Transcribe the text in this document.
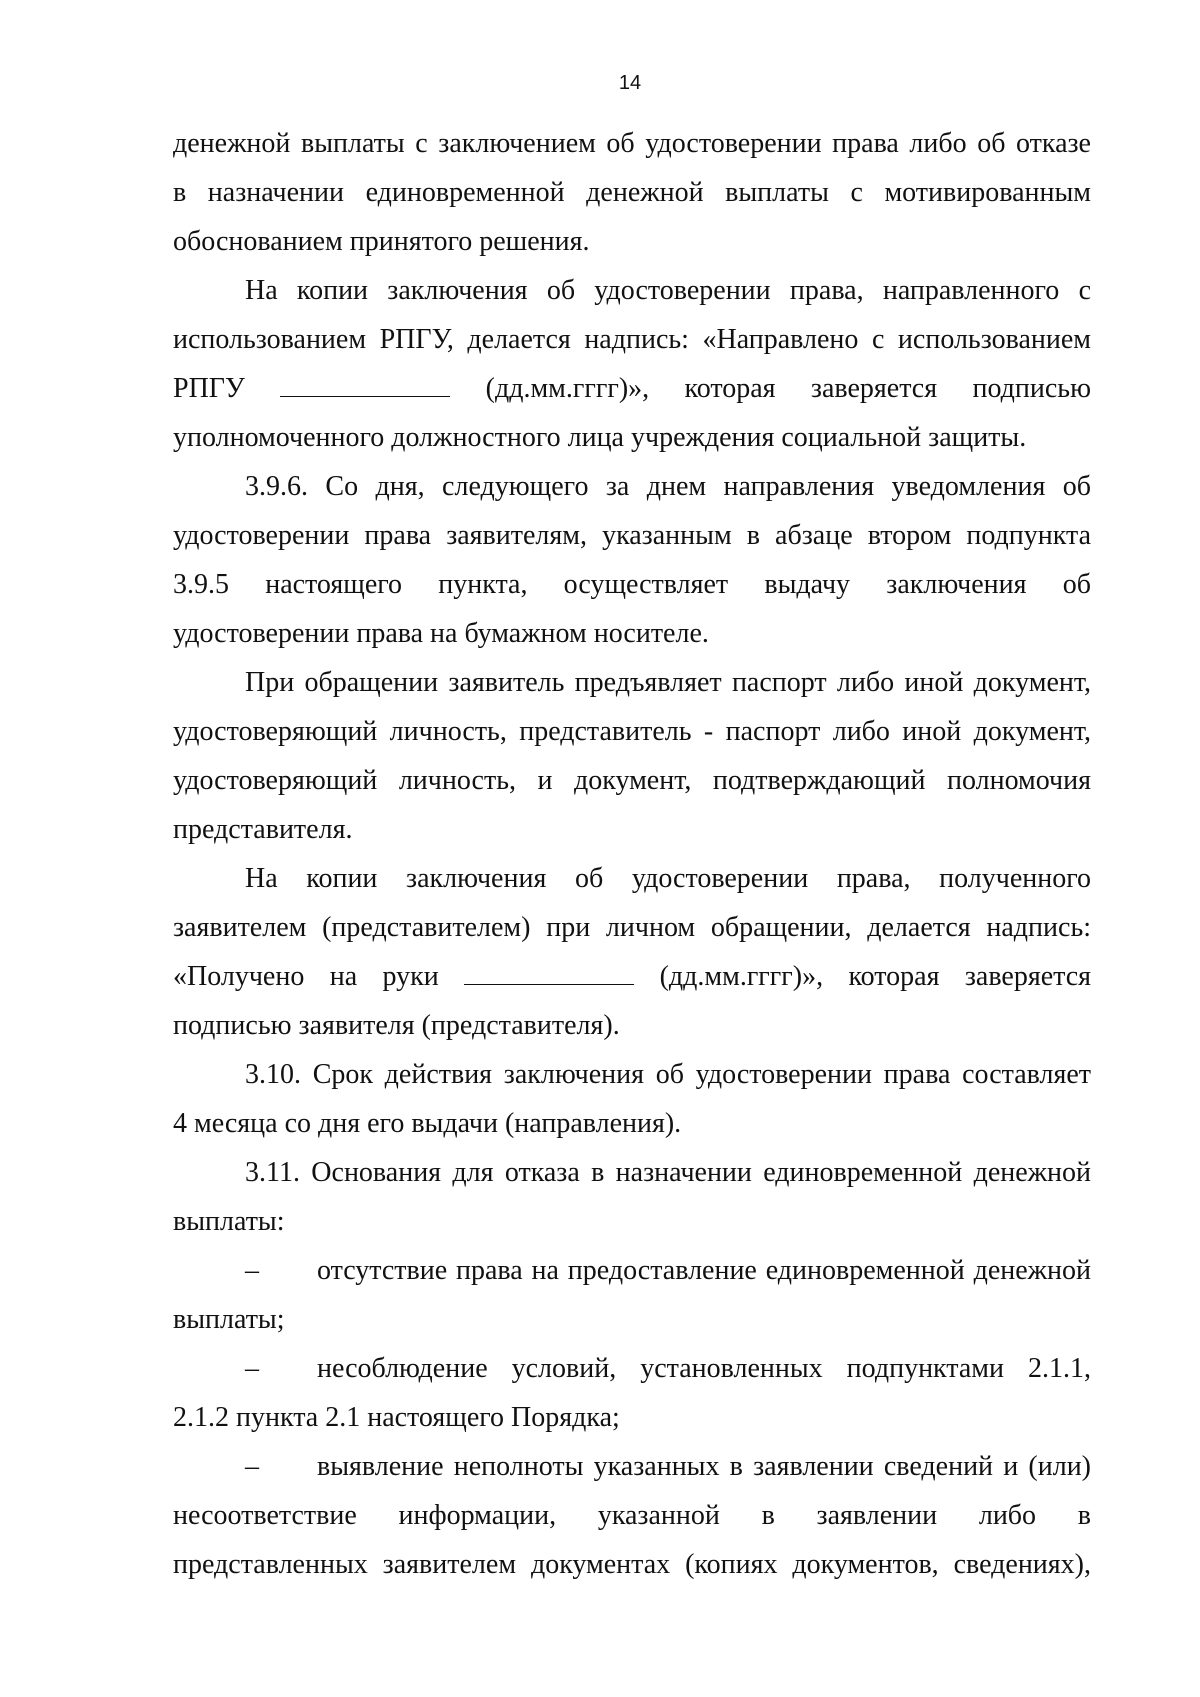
14
денежной выплаты с заключением об удостоверении права либо об отказе
в назначении единовременной денежной выплаты с мотивированным
обоснованием принятого решения.
На копии заключения об удостоверении права, направленного с
использованием РПГУ, делается надпись: «Направлено с использованием
РПГУ	(дд.мм.гггг)», которая заверяется подписью
уполномоченного должностного лица учреждения социальной защиты.
3.9.6. Со дня, следующего за днем направления уведомления об
удостоверении права заявителям, указанным в абзаце втором подпункта
3.9.5 настоящего пункта, осуществляет выдачу заключения об
удостоверении права на бумажном носителе.
При обращении заявитель предъявляет паспорт либо иной документ,
удостоверяющий личность, представитель - паспорт либо иной документ,
удостоверяющий личность, и документ, подтверждающий полномочия
представителя.
На копии заключения об удостоверении права, полученного
заявителем (представителем) при личном обращении, делается надпись:
«Получено на руки	(дд.мм.гггг)», которая заверяется
подписью заявителя (представителя).
3.10. Срок действия заключения об удостоверении права составляет
4 месяца со дня его выдачи (направления).
3.11. Основания для отказа в назначении единовременной денежной
выплаты:
– отсутствие права на предоставление единовременной денежной
выплаты;
– несоблюдение условий, установленных подпунктами 2.1.1,
2.1.2 пункта 2.1 настоящего Порядка;
– выявление неполноты указанных в заявлении сведений и (или)
несоответствие информации, указанной в заявлении либо в
представленных заявителем документах (копиях документов, сведениях),
